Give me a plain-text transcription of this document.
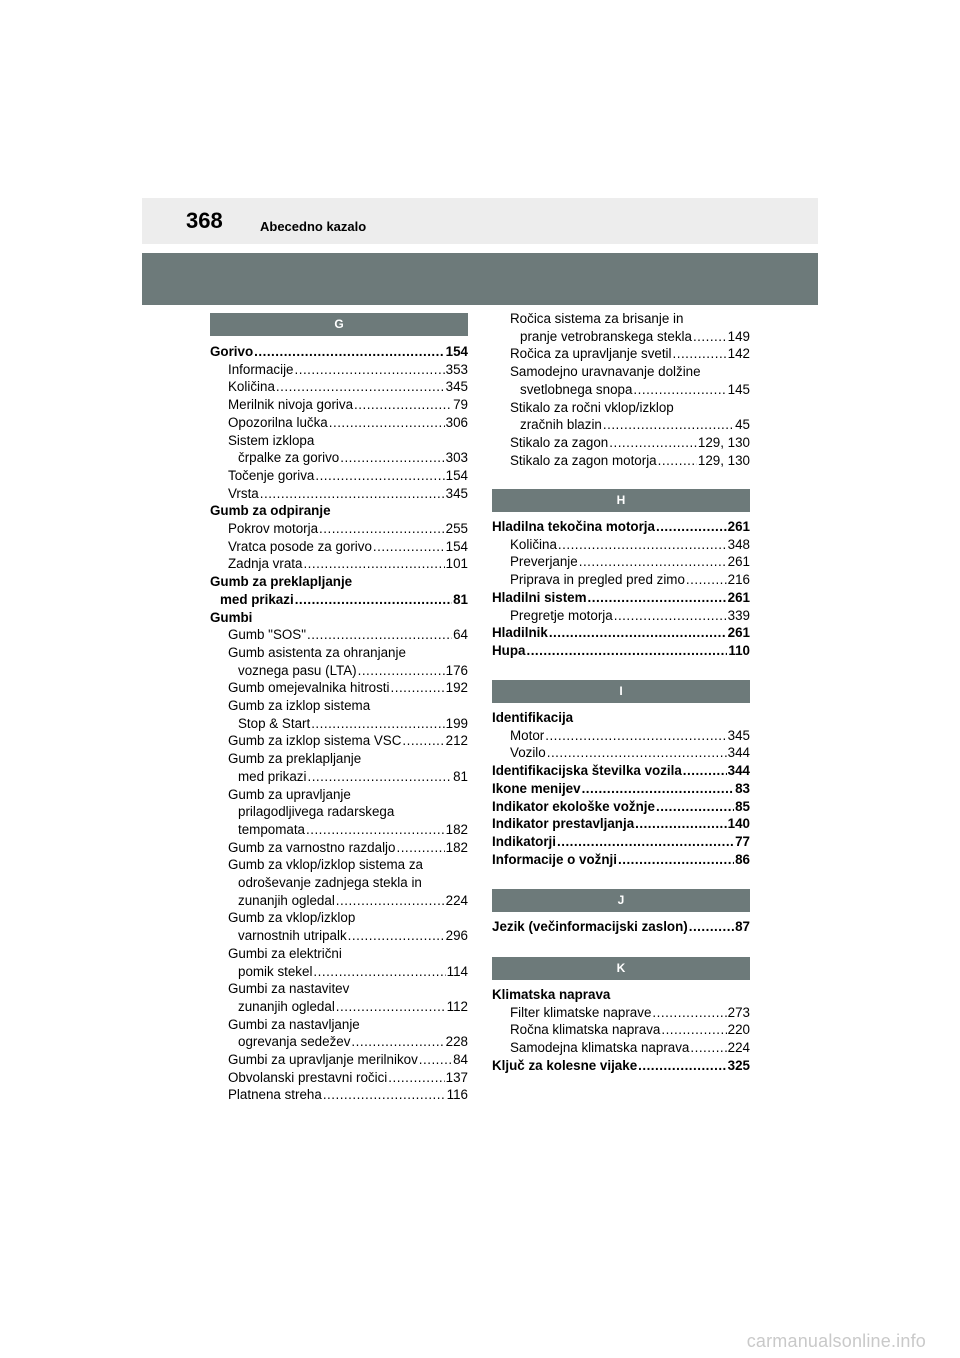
368	Abecedno kazalo
G
Gorivo .....	154
Informacije .....	353
Količina .....	345
Merilnik nivoja goriva .....	79
Opozorilna lučka .....	306
Sistem izklopa
črpalke za gorivo .....	303
Točenje goriva .....	154
Vrsta .....	345
Gumb za odpiranje
Pokrov motorja .....	255
Vratca posode za gorivo .....	154
Zadnja vrata .....	101
Gumb za preklapljanje
med prikazi .....	81
Gumbi
Gumb "SOS" .....	64
Gumb asistenta za ohranjanje
voznega pasu (LTA) .....	176
Gumb omejevalnika hitrosti .....	192
Gumb za izklop sistema
Stop & Start .....	199
Gumb za izklop sistema VSC .....	212
Gumb za preklapljanje
med prikazi .....	81
Gumb za upravljanje
prilagodljivega radarskega
tempomata .....	182
Gumb za varnostno razdaljo .....	182
Gumb za vklop/izklop sistema za
odroševanje zadnjega stekla in
zunanjih ogledal .....	224
Gumb za vklop/izklop
varnostnih utripalk .....	296
Gumbi za električni
pomik stekel .....	114
Gumbi za nastavitev
zunanjih ogledal .....	112
Gumbi za nastavljanje
ogrevanja sedežev .....	228
Gumbi za upravljanje merilnikov .....	84
Obvolanski prestavni ročici .....	137
Platnena streha .....	116
Ročica sistema za brisanje in
pranje vetrobranskega stekla .....	149
Ročica za upravljanje svetil .....	142
Samodejno uravnavanje dolžine
svetlobnega snopa .....	145
Stikalo za ročni vklop/izklop
zračnih blazin .....	45
Stikalo za zagon .....	129, 130
Stikalo za zagon motorja .....	129, 130
H
Hladilna tekočina motorja .....	261
Količina .....	348
Preverjanje .....	261
Priprava in pregled pred zimo .....	216
Hladilni sistem .....	261
Pregretje motorja .....	339
Hladilnik .....	261
Hupa .....	110
I
Identifikacija
Motor .....	345
Vozilo .....	344
Identifikacijska številka vozila .....	344
Ikone menijev .....	83
Indikator ekološke vožnje .....	85
Indikator prestavljanja .....	140
Indikatorji .....	77
Informacije o vožnji .....	86
J
Jezik (večinformacijski zaslon) .....	87
K
Klimatska naprava
Filter klimatske naprave .....	273
Ročna klimatska naprava .....	220
Samodejna klimatska naprava .....	224
Ključ za kolesne vijake .....	325
carmanualsonline.info
